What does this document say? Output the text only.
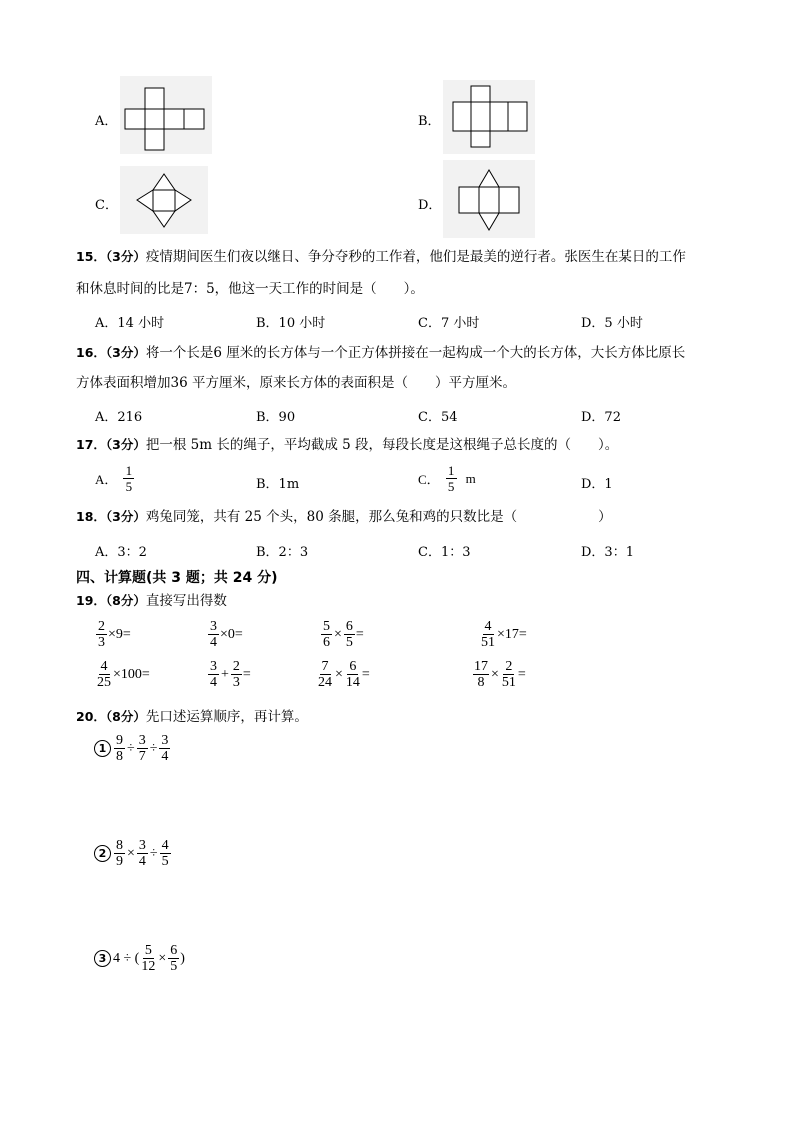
A．	B．
C．	D．
15．（3分）疫情期间医生们夜以继日、争分夺秒的工作着，他们是最美的逆行者。张医生在某日的工作
和休息时间的比是7：5，他这一天工作的时间是（　　）。
A．14 小时	B．10 小时	C．7 小时	D．5 小时
16．（3分）将一个长是6 厘米的长方体与一个正方体拼接在一起构成一个大的长方体，大长方体比原长
方体表面积增加36 平方厘米，原来长方体的表面积是（　　）平方厘米。
A．216	B．90	C．54	D．72
17．（3分）把一根 5m 长的绳子，平均截成 5 段，每段长度是这根绳子总长度的（　　）。
A． $\frac{1}{5}$	B．1m	C． $\frac{1}{5}$ m	D．1
18．（3分）鸡兔同笼，共有 25 个头，80 条腿，那么兔和鸡的只数比是（　　　　　　）
A．3：2	B．2：3	C．1：3	D．3：1
四、计算题(共 3 题；共 24 分)
19．（8分）直接写出得数
$\frac{2}{3} \times 9=$	$\frac{3}{4} \times 0=$	$\frac{5}{6} \times \frac{6}{5}$ =	$\frac{4}{51} \times 17=$
$\frac{4}{25} \times 100=$	$\frac{3}{4} + \frac{2}{3}$ =	$\frac{7}{24} \times \frac{6}{14}$ =	$\frac{17}{8} \times \frac{2}{51}$ =
20．（8分）先口述运算顺序，再计算。
$1 \frac{9}{8} \div \frac{3}{7} \div \frac{3}{4}$
$2 \frac{8}{9} \times \frac{3}{4} \div \frac{4}{5}$
3 4 ÷ ( $\frac{5}{12} \times \frac{6}{5}$ )
